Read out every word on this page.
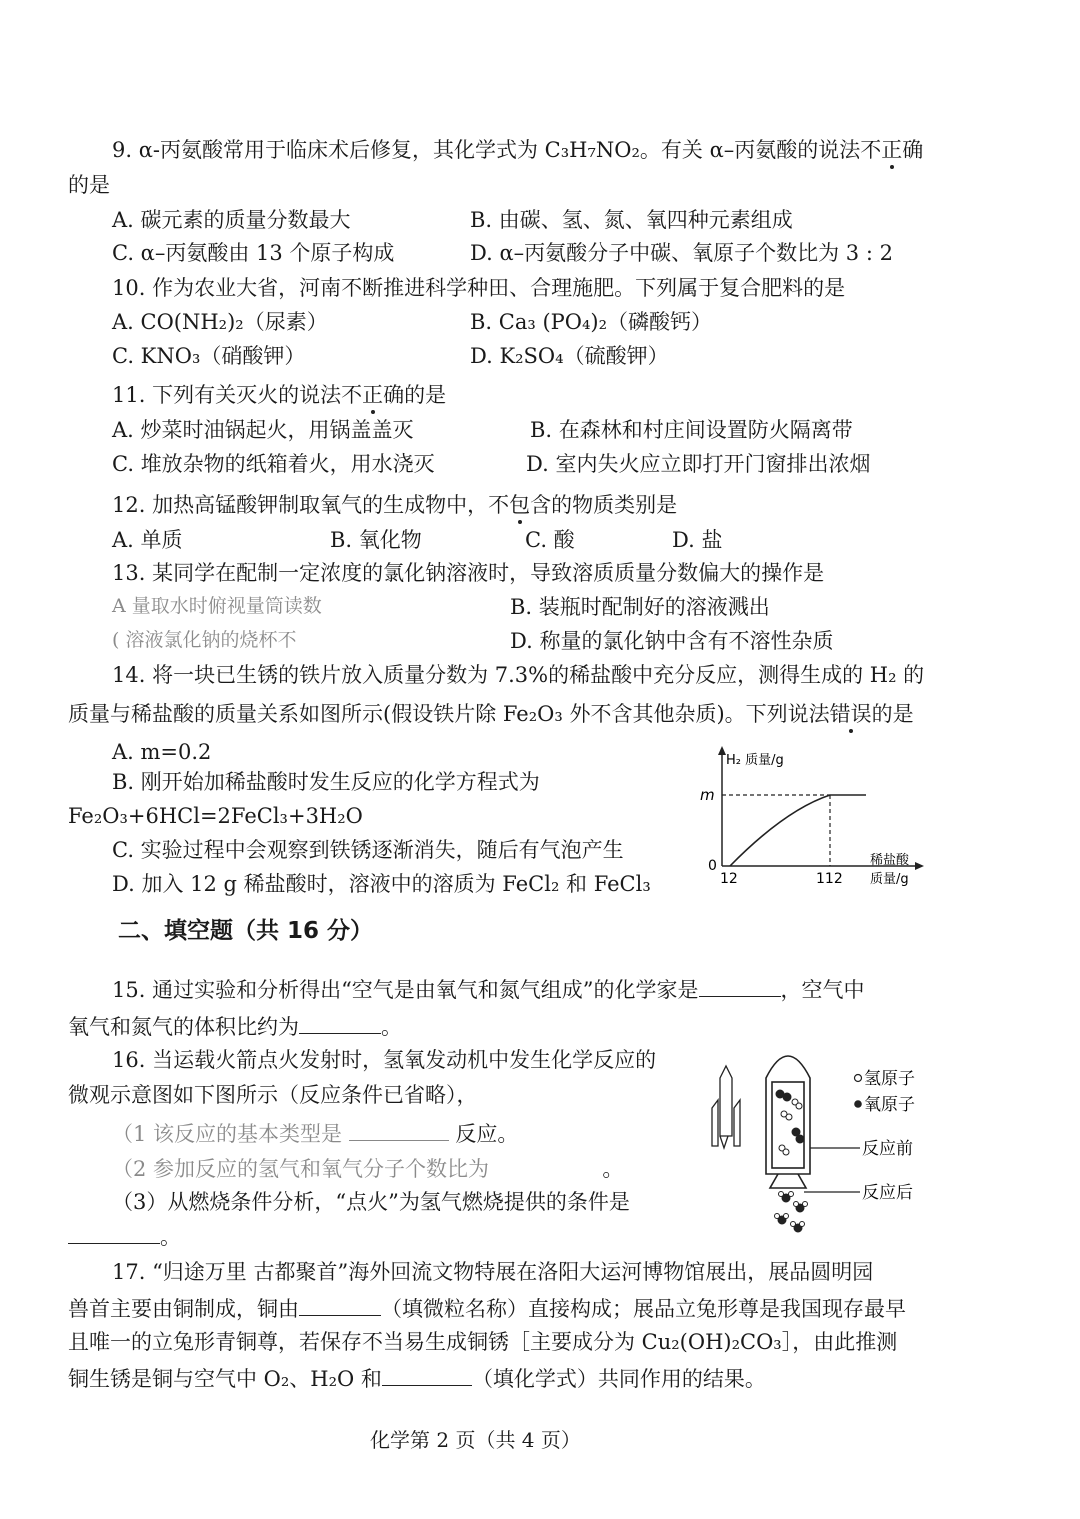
9. α-丙氨酸常用于临床术后修复，其化学式为 C₃H₇NO₂。有关 α–丙氨酸的说法不正确
的是
A. 碳元素的质量分数最大	B. 由碳、氢、氮、氧四种元素组成
C. α–丙氨酸由 13 个原子构成	D. α–丙氨酸分子中碳、氧原子个数比为 3 : 2
10. 作为农业大省，河南不断推进科学种田、合理施肥。下列属于复合肥料的是
A. CO(NH₂)₂（尿素）	B. Ca₃ (PO₄)₂（磷酸钙）
C. KNO₃（硝酸钾）	D. K₂SO₄（硫酸钾）
11. 下列有关灭火的说法不正确的是
A. 炒菜时油锅起火，用锅盖盖灭	B. 在森林和村庄间设置防火隔离带
C. 堆放杂物的纸箱着火，用水浇灭	D. 室内失火应立即打开门窗排出浓烟
12. 加热高锰酸钾制取氧气的生成物中，不包含的物质类别是
A. 单质	B. 氧化物	C. 酸	D. 盐
13. 某同学在配制一定浓度的氯化钠溶液时，导致溶质质量分数偏大的操作是
A 量取水时俯视量筒读数	B. 装瓶时配制好的溶液溅出
( 溶液氯化钠的烧杯不	D. 称量的氯化钠中含有不溶性杂质
14. 将一块已生锈的铁片放入质量分数为 7.3%的稀盐酸中充分反应，测得生成的 H₂ 的
质量与稀盐酸的质量关系如图所示(假设铁片除 Fe₂O₃ 外不含其他杂质)。下列说法错误的是
A. m=0.2
B. 刚开始加稀盐酸时发生反应的化学方程式为
Fe₂O₃+6HCl=2FeCl₃+3H₂O
C. 实验过程中会观察到铁锈逐渐消失，随后有气泡产生
D. 加入 12 g 稀盐酸时，溶液中的溶质为 FeCl₂ 和 FeCl₃
H₂ 质量/g
m
0
12	112
稀盐酸
质量/g
二、填空题（共 16 分）
15. 通过实验和分析得出“空气是由氧气和氮气组成”的化学家是	，空气中
氧气和氮气的体积比约为	。
16. 当运载火箭点火发射时，氢氧发动机中发生化学反应的
微观示意图如下图所示（反应条件已省略），
（1 该反应的基本类型是	反应。
（2 参加反应的氢气和氧气分子个数比为	。
（3）从燃烧条件分析，“点火”为氢气燃烧提供的条件是
。
氢原子
氧原子
反应前
反应后
17. “归途万里 古都聚首”海外回流文物特展在洛阳大运河博物馆展出，展品圆明园
兽首主要由铜制成，铜由	（填微粒名称）直接构成；展品立兔形尊是我国现存最早
且唯一的立兔形青铜尊，若保存不当易生成铜锈［主要成分为 Cu₂(OH)₂CO₃］，由此推测
铜生锈是铜与空气中 O₂、H₂O 和	（填化学式）共同作用的结果。
化学第 2 页（共 4 页）
